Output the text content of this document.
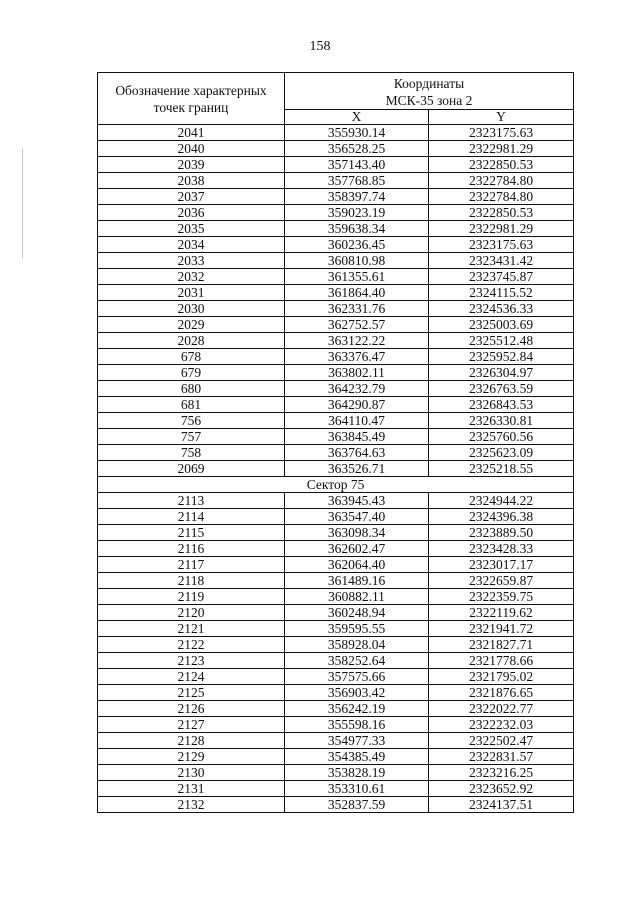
158
Обозначение характерных
точек границ	Координаты
МСК-35 зона 2	
	X	Y
2041	355930.14	2323175.63
2040	356528.25	2322981.29
2039	357143.40	2322850.53
2038	357768.85	2322784.80
2037	358397.74	2322784.80
2036	359023.19	2322850.53
2035	359638.34	2322981.29
2034	360236.45	2323175.63
2033	360810.98	2323431.42
2032	361355.61	2323745.87
2031	361864.40	2324115.52
2030	362331.76	2324536.33
2029	362752.57	2325003.69
2028	363122.22	2325512.48
678	363376.47	2325952.84
679	363802.11	2326304.97
680	364232.79	2326763.59
681	364290.87	2326843.53
756	364110.47	2326330.81
757	363845.49	2325760.56
758	363764.63	2325623.09
2069	363526.71	2325218.55
Сектор 75		
2113	363945.43	2324944.22
2114	363547.40	2324396.38
2115	363098.34	2323889.50
2116	362602.47	2323428.33
2117	362064.40	2323017.17
2118	361489.16	2322659.87
2119	360882.11	2322359.75
2120	360248.94	2322119.62
2121	359595.55	2321941.72
2122	358928.04	2321827.71
2123	358252.64	2321778.66
2124	357575.66	2321795.02
2125	356903.42	2321876.65
2126	356242.19	2322022.77
2127	355598.16	2322232.03
2128	354977.33	2322502.47
2129	354385.49	2322831.57
2130	353828.19	2323216.25
2131	353310.61	2323652.92
2132	352837.59	2324137.51
